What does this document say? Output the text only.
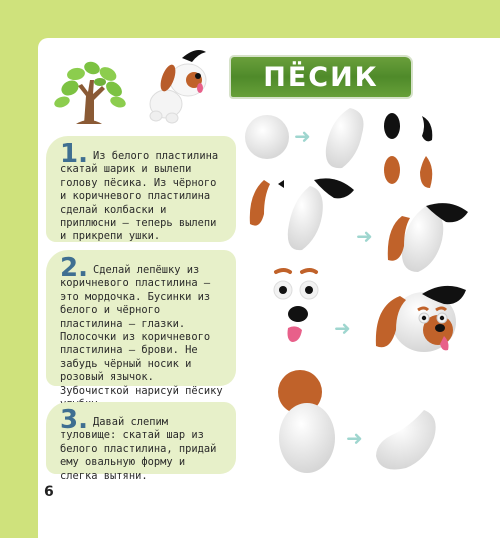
ПЁСИК
1. Из белого пластилина скатай шарик и вылепи голову пёсика. Из чёрного и коричневого пластилина сделай колбаски и приплюсни — теперь вылепи и прикрепи ушки.
2. Сделай лепёшку из коричневого пластилина — это мордочка. Бусинки из белого и чёрного пластилина — глазки. Полосочки из коричневого пластилина — брови. Не забудь чёрный носик и розовый язычок. Зубочисткой нарисуй пёсику
3. Давай слепим туловище: скатай шар из белого пластилина, придай ему овальную форму и слегка вытяни.
➜
➜
➜
➜
6
